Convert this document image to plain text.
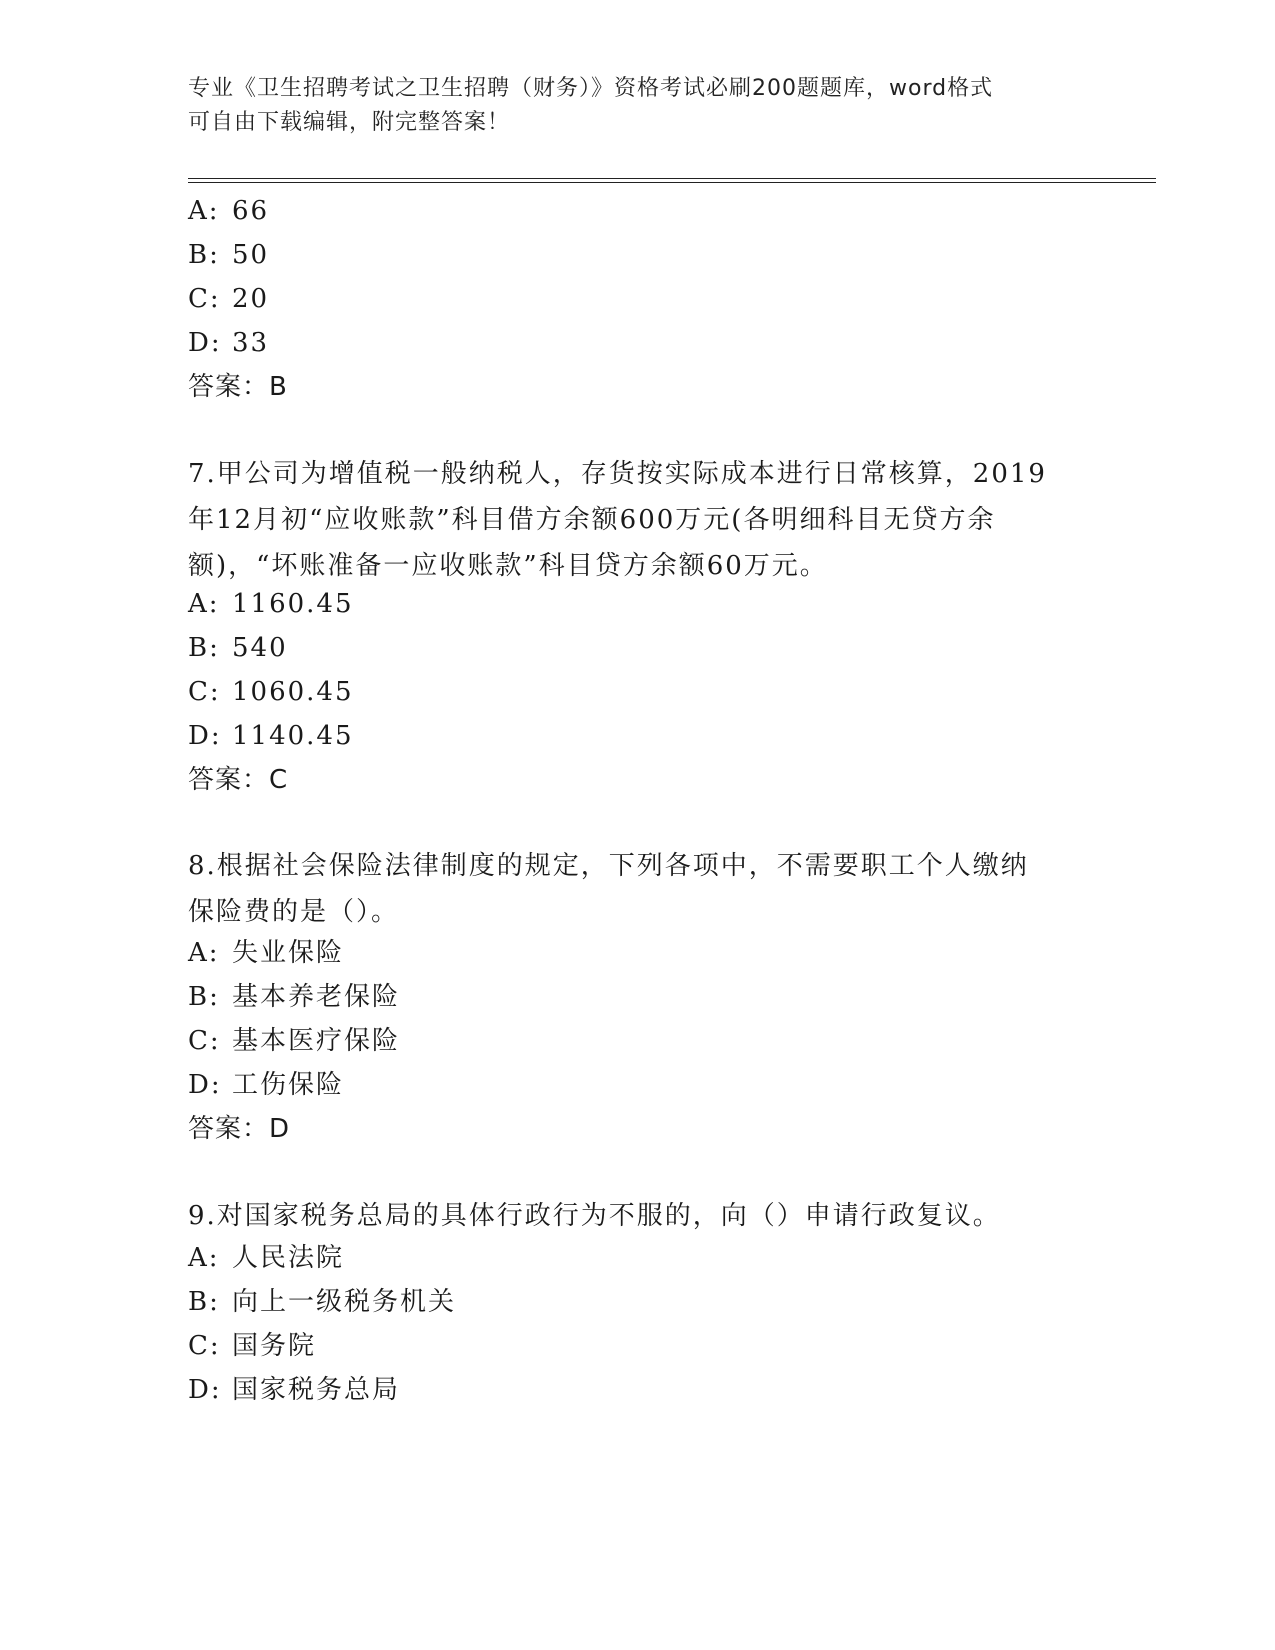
专业《卫生招聘考试之卫生招聘（财务）》资格考试必刷200题题库，word格式
可自由下载编辑，附完整答案！
A: 66
B: 50
C: 20
D: 33
答案：B
7.甲公司为增值税一般纳税人，存货按实际成本进行日常核算，2019
年12月初“应收账款”科目借方余额600万元(各明细科目无贷方余
额)，“坏账准备一应收账款”科目贷方余额60万元。
A: 1160.45
B: 540
C: 1060.45
D: 1140.45
答案：C
8.根据社会保险法律制度的规定，下列各项中，不需要职工个人缴纳
保险费的是（）。
A: 失业保险
B: 基本养老保险
C: 基本医疗保险
D: 工伤保险
答案：D
9.对国家税务总局的具体行政行为不服的，向（）申请行政复议。
A: 人民法院
B: 向上一级税务机关
C: 国务院
D: 国家税务总局
